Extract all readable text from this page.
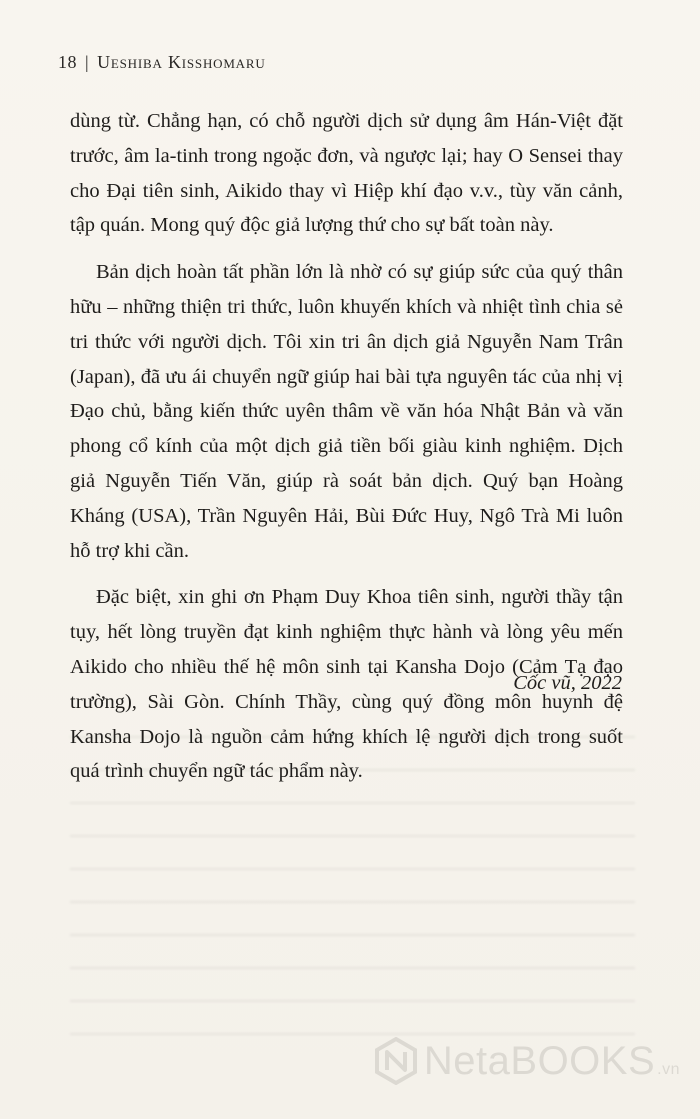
18 | Ueshiba Kisshomaru

dùng từ. Chẳng hạn, có chỗ người dịch sử dụng âm Hán-Việt đặt trước, âm la-tinh trong ngoặc đơn, và ngược lại; hay O Sensei thay cho Đại tiên sinh, Aikido thay vì Hiệp khí đạo v.v., tùy văn cảnh, tập quán. Mong quý độc giả lượng thứ cho sự bất toàn này.

Bản dịch hoàn tất phần lớn là nhờ có sự giúp sức của quý thân hữu – những thiện tri thức, luôn khuyến khích và nhiệt tình chia sẻ tri thức với người dịch. Tôi xin tri ân dịch giả Nguyễn Nam Trân (Japan), đã ưu ái chuyển ngữ giúp hai bài tựa nguyên tác của nhị vị Đạo chủ, bằng kiến thức uyên thâm về văn hóa Nhật Bản và văn phong cổ kính của một dịch giả tiền bối giàu kinh nghiệm. Dịch giả Nguyễn Tiến Văn, giúp rà soát bản dịch. Quý bạn Hoàng Kháng (USA), Trần Nguyên Hải, Bùi Đức Huy, Ngô Trà Mi luôn hỗ trợ khi cần.

Đặc biệt, xin ghi ơn Phạm Duy Khoa tiên sinh, người thầy tận tụy, hết lòng truyền đạt kinh nghiệm thực hành và lòng yêu mến Aikido cho nhiều thế hệ môn sinh tại Kansha Dojo (Cảm Tạ đạo trường), Sài Gòn. Chính Thầy, cùng quý đồng môn huynh đệ Kansha Dojo là nguồn cảm hứng khích lệ người dịch trong suốt quá trình chuyển ngữ tác phẩm này.

Cốc vũ, 2022
NetaBOOKS .vn
